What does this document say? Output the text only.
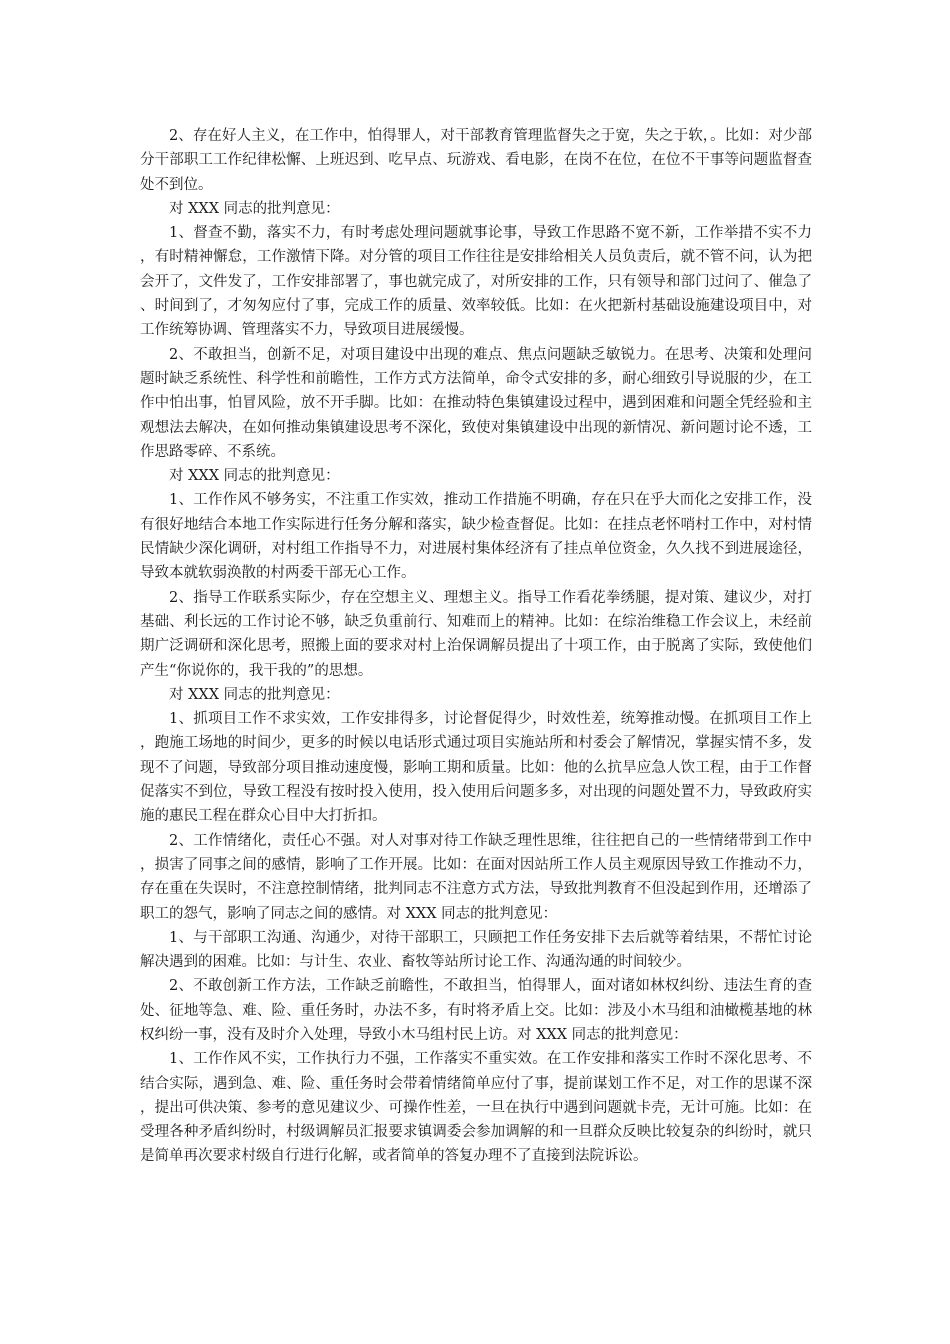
2、存在好人主义，在工作中，怕得罪人，对干部教育管理监督失之于宽，失之于软，。比如：对少部分干部职工工作纪律松懈、上班迟到、吃早点、玩游戏、看电影，在岗不在位，在位不干事等问题监督查处不到位。

对 XXX 同志的批判意见：

1、督查不勤，落实不力，有时考虑处理问题就事论事，导致工作思路不宽不新，工作举措不实不力，有时精神懈怠，工作激情下降。对分管的项目工作往往是安排给相关人员负责后，就不管不问，认为把会开了，文件发了，工作安排部署了，事也就完成了，对所安排的工作，只有领导和部门过问了、催急了、时间到了，才匆匆应付了事，完成工作的质量、效率较低。比如：在火把新村基础设施建设项目中，对工作统筹协调、管理落实不力，导致项目进展缓慢。

2、不敢担当，创新不足，对项目建设中出现的难点、焦点问题缺乏敏锐力。在思考、决策和处理问题时缺乏系统性、科学性和前瞻性，工作方式方法简单，命令式安排的多，耐心细致引导说服的少，在工作中怕出事，怕冒风险，放不开手脚。比如：在推动特色集镇建设过程中，遇到困难和问题全凭经验和主观想法去解决，在如何推动集镇建设思考不深化，致使对集镇建设中出现的新情况、新问题讨论不透，工作思路零碎、不系统。

对 XXX 同志的批判意见：

1、工作作风不够务实，不注重工作实效，推动工作措施不明确，存在只在乎大而化之安排工作，没有很好地结合本地工作实际进行任务分解和落实，缺少检查督促。比如：在挂点老怀哨村工作中，对村情民情缺少深化调研，对村组工作指导不力，对进展村集体经济有了挂点单位资金，久久找不到进展途径，导致本就软弱涣散的村两委干部无心工作。

2、指导工作联系实际少，存在空想主义、理想主义。指导工作看花拳绣腿，提对策、建议少，对打基础、利长远的工作讨论不够，缺乏负重前行、知难而上的精神。比如：在综治维稳工作会议上，未经前期广泛调研和深化思考，照搬上面的要求对村上治保调解员提出了十项工作，由于脱离了实际，致使他们产生“你说你的，我干我的”的思想。

对 XXX 同志的批判意见：

1、抓项目工作不求实效，工作安排得多，讨论督促得少，时效性差，统筹推动慢。在抓项目工作上，跑施工场地的时间少，更多的时候以电话形式通过项目实施站所和村委会了解情况，掌握实情不多，发现不了问题，导致部分项目推动速度慢，影响工期和质量。比如：他的么抗旱应急人饮工程，由于工作督促落实不到位，导致工程没有按时投入使用，投入使用后问题多多，对出现的问题处置不力，导致政府实施的惠民工程在群众心目中大打折扣。

2、工作情绪化，责任心不强。对人对事对待工作缺乏理性思维，往往把自己的一些情绪带到工作中，损害了同事之间的感情，影响了工作开展。比如：在面对因站所工作人员主观原因导致工作推动不力，存在重在失误时，不注意控制情绪，批判同志不注意方式方法，导致批判教育不但没起到作用，还增添了职工的怨气，影响了同志之间的感情。对 XXX 同志的批判意见：

1、与干部职工沟通、沟通少，对待干部职工，只顾把工作任务安排下去后就等着结果，不帮忙讨论解决遇到的困难。比如：与计生、农业、畜牧等站所讨论工作、沟通沟通的时间较少。

2、不敢创新工作方法，工作缺乏前瞻性，不敢担当，怕得罪人，面对诸如林权纠纷、违法生育的查处、征地等急、难、险、重任务时，办法不多，有时将矛盾上交。比如：涉及小木马组和油橄榄基地的林权纠纷一事，没有及时介入处理，导致小木马组村民上访。对 XXX 同志的批判意见：

1、工作作风不实，工作执行力不强，工作落实不重实效。在工作安排和落实工作时不深化思考、不结合实际，遇到急、难、险、重任务时会带着情绪简单应付了事，提前谋划工作不足，对工作的思谋不深，提出可供决策、参考的意见建议少、可操作性差，一旦在执行中遇到问题就卡壳，无计可施。比如：在受理各种矛盾纠纷时，村级调解员汇报要求镇调委会参加调解的和一旦群众反映比较复杂的纠纷时，就只是简单再次要求村级自行进行化解，或者简单的答复办理不了直接到法院诉讼。
